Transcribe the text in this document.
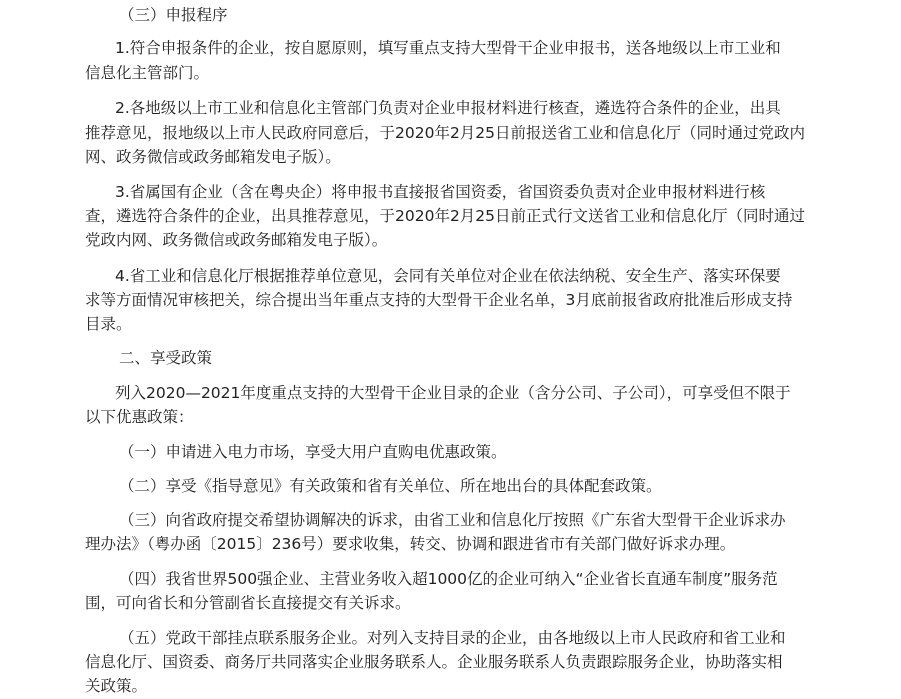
（三）申报程序
1.符合申报条件的企业，按自愿原则，填写重点支持大型骨干企业申报书，送各地级以上市工业和
信息化主管部门。
2.各地级以上市工业和信息化主管部门负责对企业申报材料进行核查，遴选符合条件的企业，出具
推荐意见，报地级以上市人民政府同意后，于2020年2月25日前报送省工业和信息化厅（同时通过党政内
网、政务微信或政务邮箱发电子版）。
3.省属国有企业（含在粤央企）将申报书直接报省国资委，省国资委负责对企业申报材料进行核
查，遴选符合条件的企业，出具推荐意见，于2020年2月25日前正式行文送省工业和信息化厅（同时通过
党政内网、政务微信或政务邮箱发电子版）。
4.省工业和信息化厅根据推荐单位意见，会同有关单位对企业在依法纳税、安全生产、落实环保要
求等方面情况审核把关，综合提出当年重点支持的大型骨干企业名单，3月底前报省政府批准后形成支持
目录。
二、享受政策
列入2020—2021年度重点支持的大型骨干企业目录的企业（含分公司、子公司），可享受但不限于
以下优惠政策：
（一）申请进入电力市场，享受大用户直购电优惠政策。
（二）享受《指导意见》有关政策和省有关单位、所在地出台的具体配套政策。
（三）向省政府提交希望协调解决的诉求，由省工业和信息化厅按照《广东省大型骨干企业诉求办
理办法》（粤办函〔2015〕236号）要求收集，转交、协调和跟进省市有关部门做好诉求办理。
（四）我省世界500强企业、主营业务收入超1000亿的企业可纳入“企业省长直通车制度”服务范
围，可向省长和分管副省长直接提交有关诉求。
（五）党政干部挂点联系服务企业。对列入支持目录的企业，由各地级以上市人民政府和省工业和
信息化厅、国资委、商务厅共同落实企业服务联系人。企业服务联系人负责跟踪服务企业，协助落实相
关政策。
